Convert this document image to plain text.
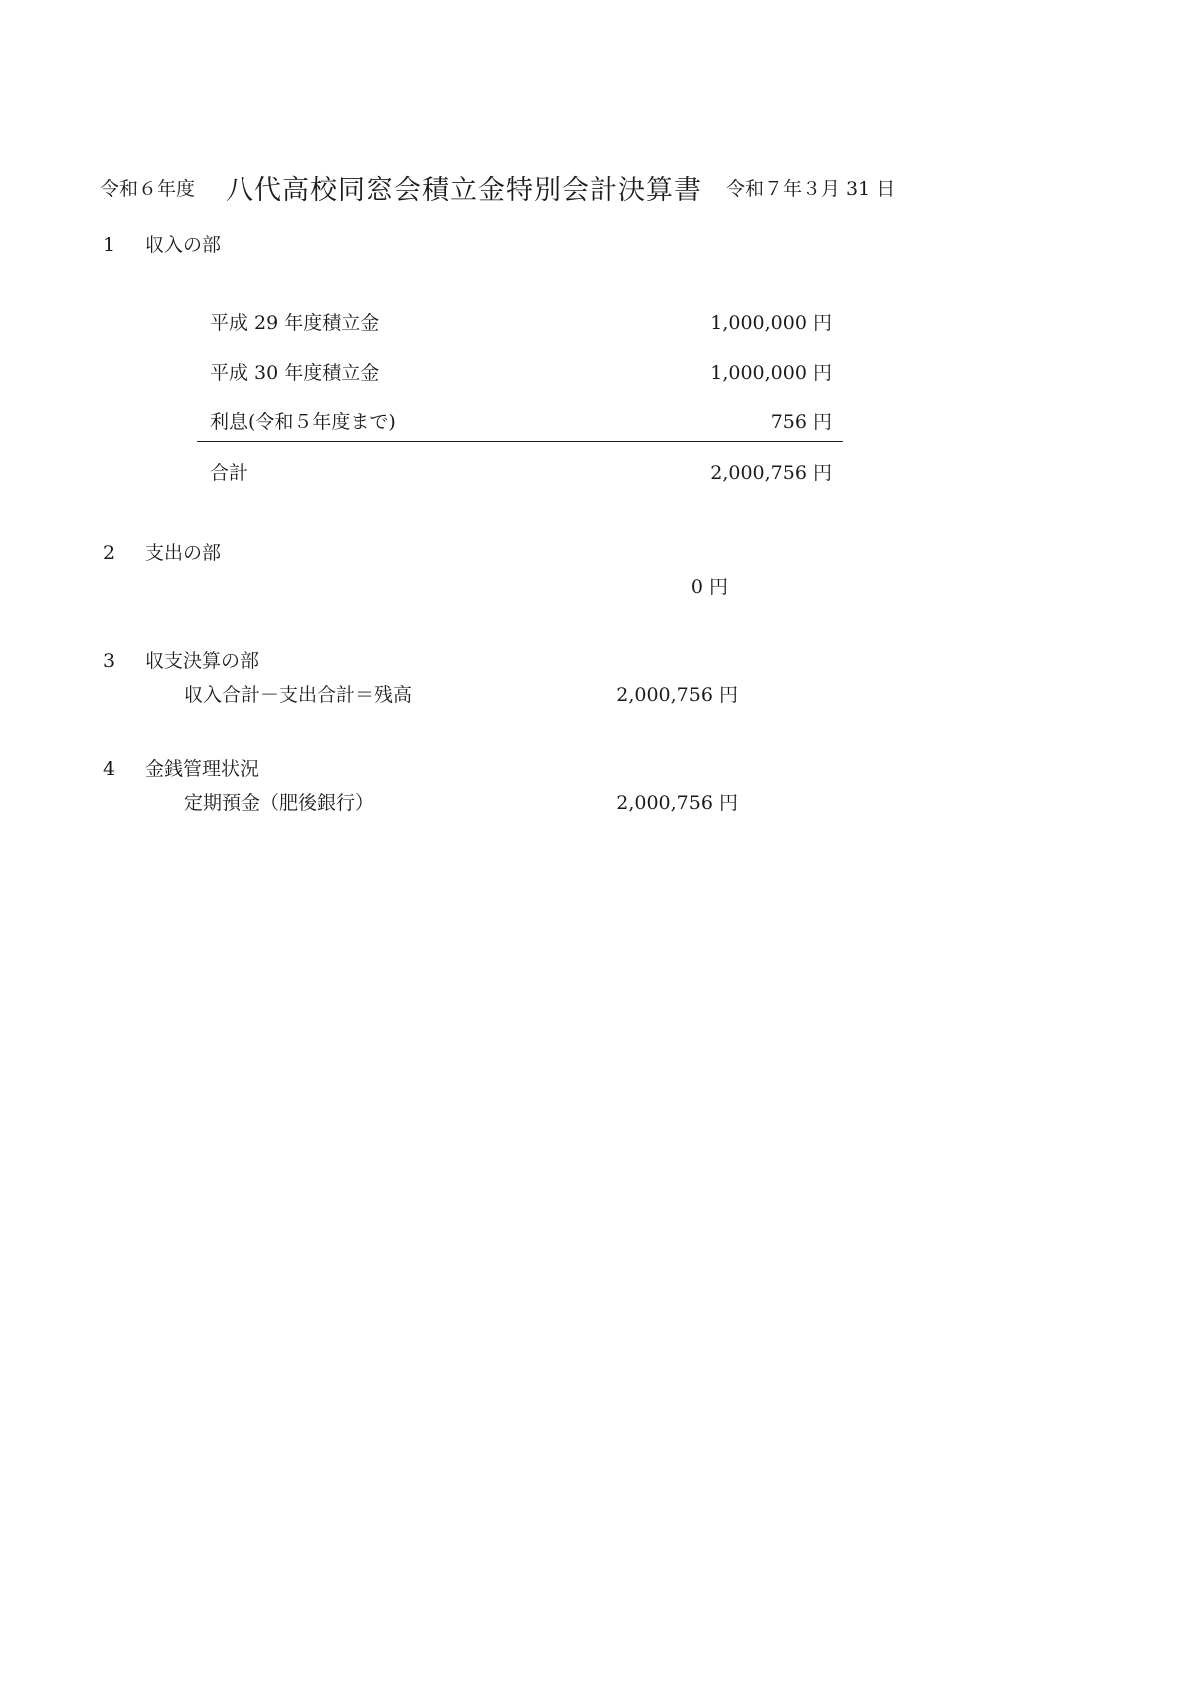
令和６年度 八代高校同窓会積立金特別会計決算書 令和７年３月 31 日
1 収入の部
平成 29 年度積立金	1,000,000 円
平成 30 年度積立金	1,000,000 円
利息(令和５年度まで)	756 円
合計	2,000,756 円
2 支出の部
0 円
3 収支決算の部
収入合計－支出合計＝残高	2,000,756 円
4 金銭管理状況
定期預金（肥後銀行）	2,000,756 円
